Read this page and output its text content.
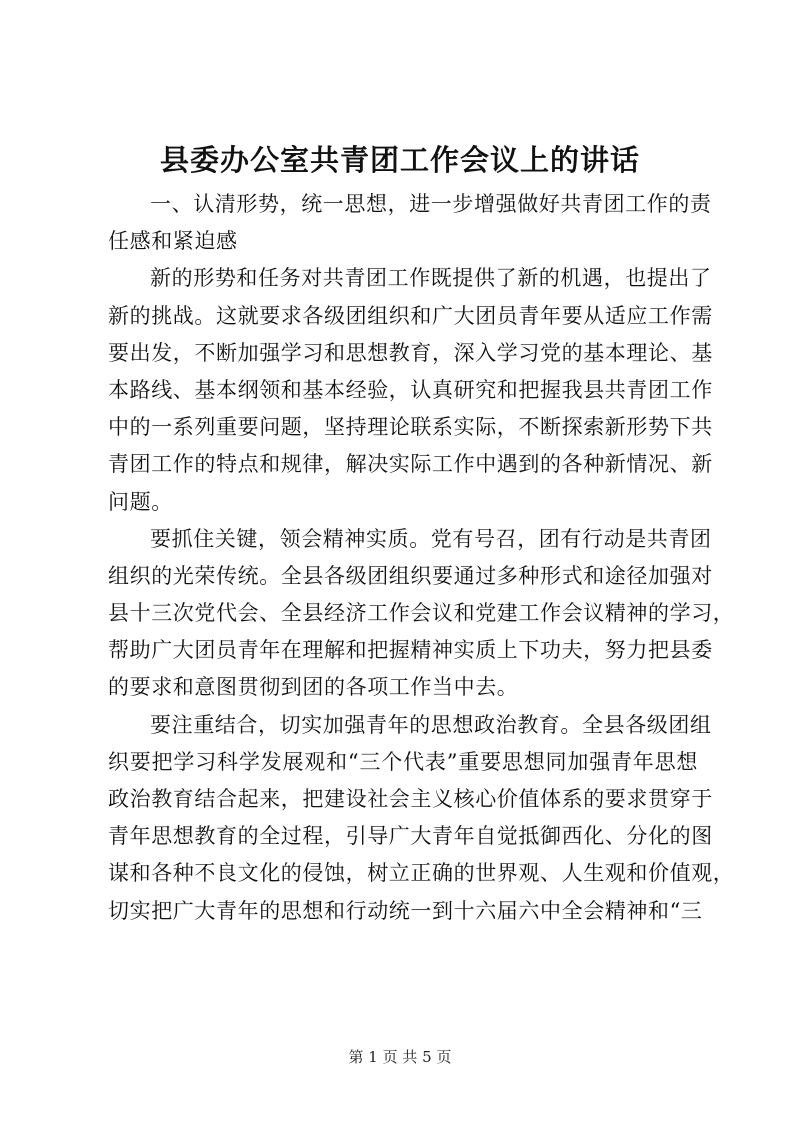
县委办公室共青团工作会议上的讲话
一、认清形势，统一思想，进一步增强做好共青团工作的责
任感和紧迫感
新的形势和任务对共青团工作既提供了新的机遇，也提出了
新的挑战。这就要求各级团组织和广大团员青年要从适应工作需
要出发，不断加强学习和思想教育，深入学习党的基本理论、基
本路线、基本纲领和基本经验，认真研究和把握我县共青团工作
中的一系列重要问题，坚持理论联系实际，不断探索新形势下共
青团工作的特点和规律，解决实际工作中遇到的各种新情况、新
问题。
要抓住关键，领会精神实质。党有号召，团有行动是共青团
组织的光荣传统。全县各级团组织要通过多种形式和途径加强对
县十三次党代会、全县经济工作会议和党建工作会议精神的学习，
帮助广大团员青年在理解和把握精神实质上下功夫，努力把县委
的要求和意图贯彻到团的各项工作当中去。
要注重结合，切实加强青年的思想政治教育。全县各级团组
织要把学习科学发展观和“三个代表”重要思想同加强青年思想
政治教育结合起来，把建设社会主义核心价值体系的要求贯穿于
青年思想教育的全过程，引导广大青年自觉抵御西化、分化的图
谋和各种不良文化的侵蚀，树立正确的世界观、人生观和价值观，
切实把广大青年的思想和行动统一到十六届六中全会精神和“三
第 1 页 共 5 页
